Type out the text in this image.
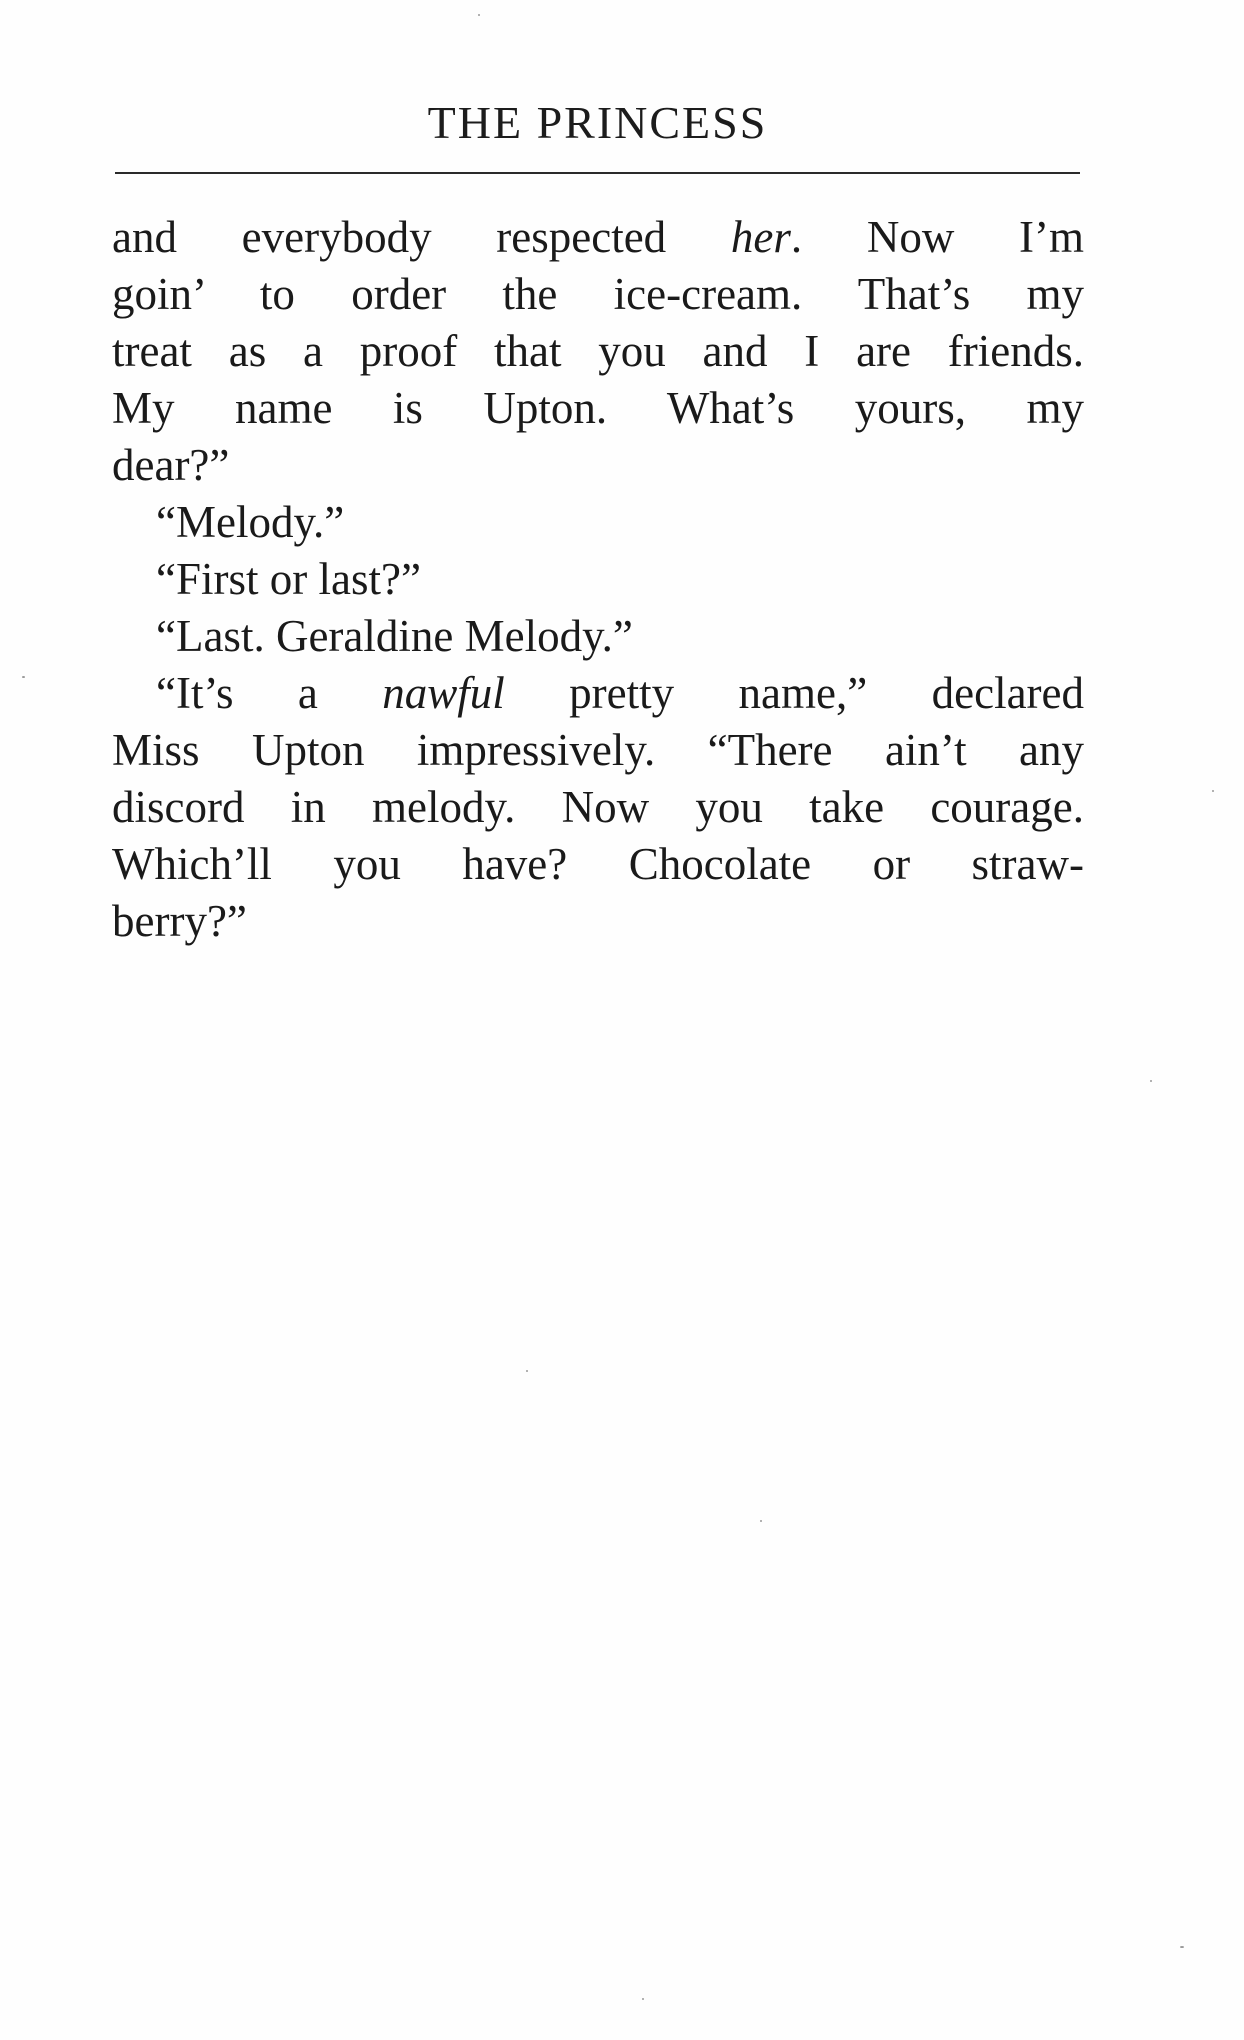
THE PRINCESS
and everybody respected her. Now I’m
goin’ to order the ice-cream. That’s my
treat as a proof that you and I are friends.
My name is Upton. What’s yours, my
dear?”
“Melody.”
“First or last?”
“Last. Geraldine Melody.”
“It’s a nawful pretty name,” declared
Miss Upton impressively. “There ain’t any
discord in melody. Now you take courage.
Which’ll you have? Chocolate or straw-
berry?”
